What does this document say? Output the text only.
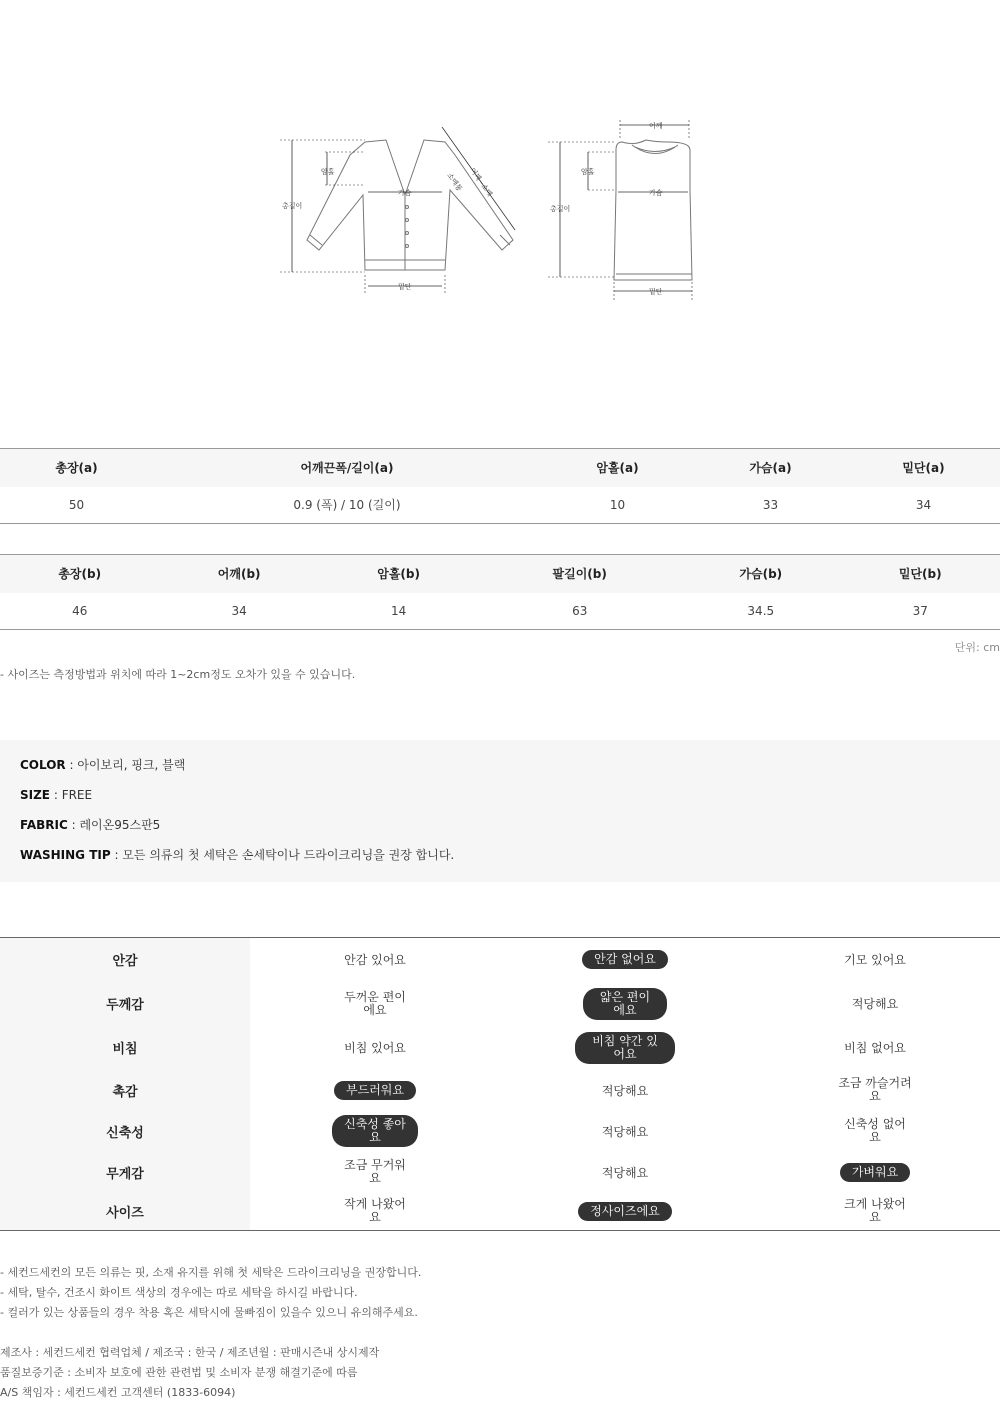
총길이
암홀
가슴
밑단
어깨~소매
소매통
총길이
암홀
가슴
밑단
어깨
총장(a)	어깨끈폭/길이(a)	암홀(a)	가슴(a)	밑단(a)	
50	0.9 (폭) / 10 (길이)	10	33	34	
총장(b)	어깨(b)	암홀(b)	팔길이(b)	가슴(b)	밑단(b)
46	34	14	63	34.5	37
단위: cm
- 사이즈는 측정방법과 위치에 따라 1~2cm정도 오차가 있을 수 있습니다.
COLOR : 아이보리, 핑크, 블랙
SIZE : FREE
FABRIC : 레이온95스판5
WASHING TIP : 모든 의류의 첫 세탁은 손세탁이나 드라이크리닝을 권장 합니다.
안감	안감 있어요	안감 없어요	기모 있어요
두께감	두꺼운 편이에요	얇은 편이에요	적당해요
비침	비침 있어요	비침 약간 있어요	비침 없어요
촉감	부드러워요	적당해요	조금 까슬거려요
신축성	신축성 좋아요	적당해요	신축성 없어요
무게감	조금 무거워요	적당해요	가벼워요
사이즈	작게 나왔어요	정사이즈에요	크게 나왔어요
- 세컨드세컨의 모든 의류는 핏, 소재 유지를 위해 첫 세탁은 드라이크리닝을 권장합니다.
- 세탁, 탈수, 건조시 화이트 색상의 경우에는 따로 세탁을 하시길 바랍니다.
- 컬러가 있는 상품들의 경우 착용 혹은 세탁시에 물빠짐이 있을수 있으니 유의해주세요.
제조사 : 세컨드세컨 협력업체 / 제조국 : 한국 / 제조년월 : 판매시즌내 상시제작
품질보증기준 : 소비자 보호에 관한 관련법 및 소비자 분쟁 해결기준에 따름
A/S 책임자 : 세컨드세컨 고객센터 (1833-6094)
